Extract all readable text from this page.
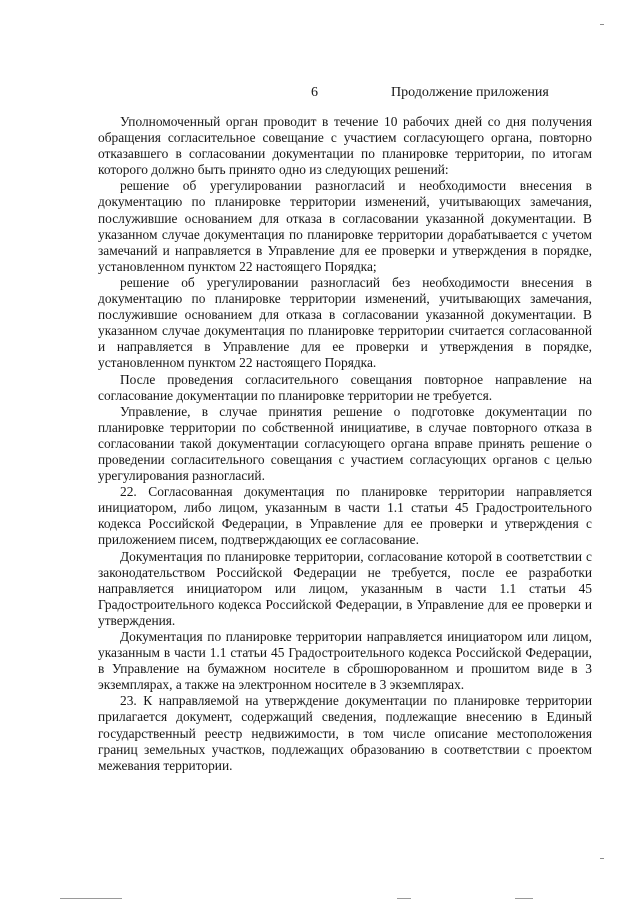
6	Продолжение приложения

Уполномоченный орган проводит в течение 10 рабочих дней со дня получения обращения согласительное совещание с участием согласующего органа, повторно отказавшего в согласовании документации по планировке территории, по итогам которого должно быть принято одно из следующих решений:

решение об урегулировании разногласий и необходимости внесения в документацию по планировке территории изменений, учитывающих замечания, послужившие основанием для отказа в согласовании указанной документации. В указанном случае документация по планировке территории дорабатывается с учетом замечаний и направляется в Управление для ее проверки и утверждения в порядке, установленном пунктом 22 настоящего Порядка;

решение об урегулировании разногласий без необходимости внесения в документацию по планировке территории изменений, учитывающих замечания, послужившие основанием для отказа в согласовании указанной документации. В указанном случае документация по планировке территории считается согласованной и направляется в Управление для ее проверки и утверждения в порядке, установленном пунктом 22 настоящего Порядка.

После проведения согласительного совещания повторное направление на согласование документации по планировке территории не требуется.

Управление, в случае принятия решение о подготовке документации по планировке территории по собственной инициативе, в случае повторного отказа в согласовании такой документации согласующего органа вправе принять решение о проведении согласительного совещания с участием согласующих органов с целью урегулирования разногласий.

22. Согласованная документация по планировке территории направляется инициатором, либо лицом, указанным в части 1.1 статьи 45 Градостроительного кодекса Российской Федерации, в Управление для ее проверки и утверждения с приложением писем, подтверждающих ее согласование.

Документация по планировке территории, согласование которой в соответствии с законодательством Российской Федерации не требуется, после ее разработки направляется инициатором или лицом, указанным в части 1.1 статьи 45 Градостроительного кодекса Российской Федерации, в Управление для ее проверки и утверждения.

Документация по планировке территории направляется инициатором или лицом, указанным в части 1.1 статьи 45 Градостроительного кодекса Российской Федерации, в Управление на бумажном носителе в сброшюрованном и прошитом виде в 3 экземплярах, а также на электронном носителе в 3 экземплярах.

23. К направляемой на утверждение документации по планировке территории прилагается документ, содержащий сведения, подлежащие внесению в Единый государственный реестр недвижимости, в том числе описание местоположения границ земельных участков, подлежащих образованию в соответствии с проектом межевания территории.
